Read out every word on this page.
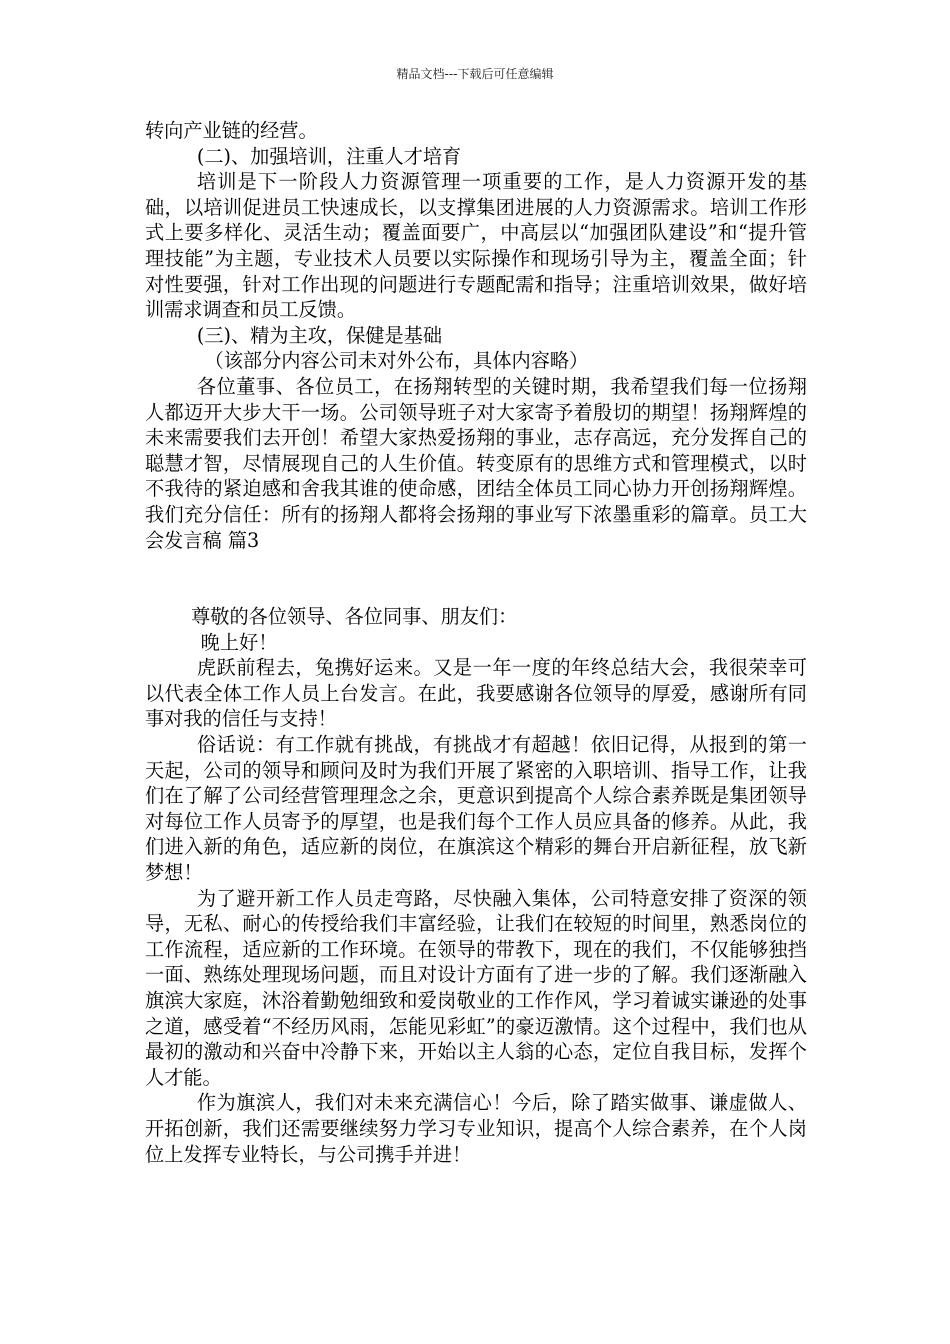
精品文档---下载后可任意编辑

转向产业链的经营。

(二)、加强培训，注重人才培育

培训是下一阶段人力资源管理一项重要的工作，是人力资源开发的基础，以培训促进员工快速成长，以支撑集团进展的人力资源需求。培训工作形式上要多样化、灵活生动；覆盖面要广，中高层以“加强团队建设”和“提升管理技能”为主题，专业技术人员要以实际操作和现场引导为主，覆盖全面；针对性要强，针对工作出现的问题进行专题配需和指导；注重培训效果，做好培训需求调查和员工反馈。

(三)、精为主攻，保健是基础

（该部分内容公司未对外公布，具体内容略）

各位董事、各位员工，在扬翔转型的关键时期，我希望我们每一位扬翔人都迈开大步大干一场。公司领导班子对大家寄予着殷切的期望！扬翔辉煌的未来需要我们去开创！希望大家热爱扬翔的事业，志存高远，充分发挥自己的聪慧才智，尽情展现自己的人生价值。转变原有的思维方式和管理模式，以时不我待的紧迫感和舍我其谁的使命感，团结全体员工同心协力开创扬翔辉煌。我们充分信任：所有的扬翔人都将会扬翔的事业写下浓墨重彩的篇章。员工大会发言稿 篇3

尊敬的各位领导、各位同事、朋友们：

晚上好！

虎跃前程去，兔携好运来。又是一年一度的年终总结大会，我很荣幸可以代表全体工作人员上台发言。在此，我要感谢各位领导的厚爱，感谢所有同事对我的信任与支持！

俗话说：有工作就有挑战，有挑战才有超越！依旧记得，从报到的第一天起，公司的领导和顾问及时为我们开展了紧密的入职培训、指导工作，让我们在了解了公司经营管理理念之余，更意识到提高个人综合素养既是集团领导对每位工作人员寄予的厚望，也是我们每个工作人员应具备的修养。从此，我们进入新的角色，适应新的岗位，在旗滨这个精彩的舞台开启新征程，放飞新梦想！

为了避开新工作人员走弯路，尽快融入集体，公司特意安排了资深的领导，无私、耐心的传授给我们丰富经验，让我们在较短的时间里，熟悉岗位的工作流程，适应新的工作环境。在领导的带教下，现在的我们，不仅能够独挡一面、熟练处理现场问题，而且对设计方面有了进一步的了解。我们逐渐融入旗滨大家庭，沐浴着勤勉细致和爱岗敬业的工作作风，学习着诚实谦逊的处事之道，感受着“不经历风雨，怎能见彩虹”的豪迈激情。这个过程中，我们也从最初的激动和兴奋中冷静下来，开始以主人翁的心态，定位自我目标，发挥个人才能。

作为旗滨人，我们对未来充满信心！今后，除了踏实做事、谦虚做人、开拓创新，我们还需要继续努力学习专业知识，提高个人综合素养，在个人岗位上发挥专业特长，与公司携手并进！
